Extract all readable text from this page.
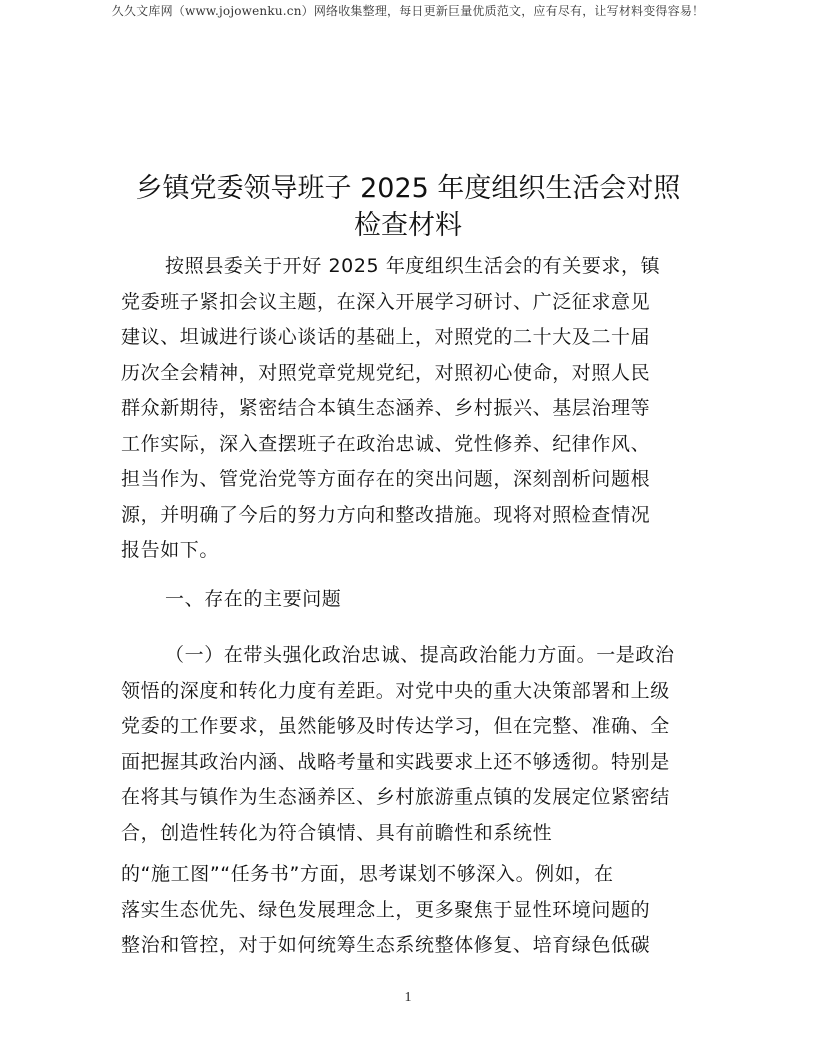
久久文库网（www.jojowenku.cn）网络收集整理，每日更新巨量优质范文，应有尽有，让写材料变得容易！
乡镇党委领导班子 2025 年度组织生活会对照
检查材料
按照县委关于开好 2025 年度组织生活会的有关要求，镇
党委班子紧扣会议主题，在深入开展学习研讨、广泛征求意见
建议、坦诚进行谈心谈话的基础上，对照党的二十大及二十届
历次全会精神，对照党章党规党纪，对照初心使命，对照人民
群众新期待，紧密结合本镇生态涵养、乡村振兴、基层治理等
工作实际，深入查摆班子在政治忠诚、党性修养、纪律作风、
担当作为、管党治党等方面存在的突出问题，深刻剖析问题根
源，并明确了今后的努力方向和整改措施。现将对照检查情况
报告如下。
一、存在的主要问题
（一）在带头强化政治忠诚、提高政治能力方面。一是政治
领悟的深度和转化力度有差距。对党中央的重大决策部署和上级
党委的工作要求，虽然能够及时传达学习，但在完整、准确、全
面把握其政治内涵、战略考量和实践要求上还不够透彻。特别是
在将其与镇作为生态涵养区、乡村旅游重点镇的发展定位紧密结
合，创造性转化为符合镇情、具有前瞻性和系统性
的“施工图”“任务书”方面，思考谋划不够深入。例如，在
落实生态优先、绿色发展理念上，更多聚焦于显性环境问题的
整治和管控，对于如何统筹生态系统整体修复、培育绿色低碳
1
